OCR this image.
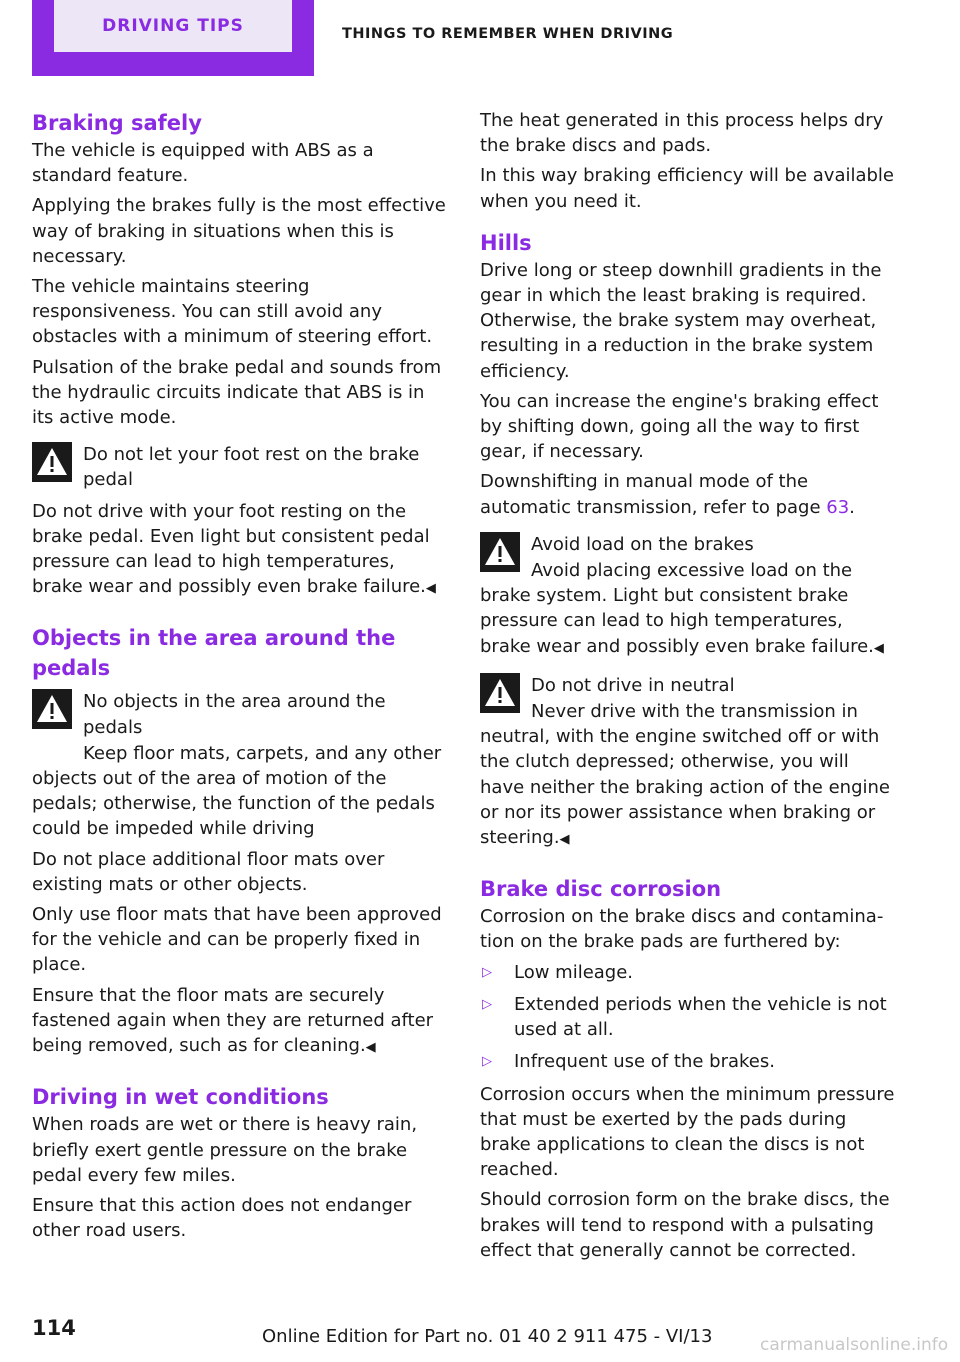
DRIVING TIPS	THINGS TO REMEMBER WHEN DRIVING
Braking safely

The vehicle is equipped with ABS as a standard feature.

Applying the brakes fully is the most effective way of braking in situations when this is necessary.

The vehicle maintains steering responsiveness. You can still avoid any obstacles with a minimum of steering effort.

Pulsation of the brake pedal and sounds from the hydraulic circuits indicate that ABS is in its active mode.

Do not let your foot rest on the brake pedal

Do not drive with your foot resting on the brake pedal. Even light but consistent pedal pressure can lead to high temperatures, brake wear and possibly even brake failure.◀

Objects in the area around the pedals
No objects in the area around the pedals

Keep floor mats, carpets, and any other objects out of the area of motion of the pedals; otherwise, the function of the pedals could be impeded while driving

Do not place additional floor mats over existing mats or other objects.

Only use floor mats that have been approved for the vehicle and can be properly fixed in place.

Ensure that the floor mats are securely fastened again when they are returned after being removed, such as for cleaning.◀

Driving in wet conditions

When roads are wet or there is heavy rain, briefly exert gentle pressure on the brake pedal every few miles.

Ensure that this action does not endanger other road users.

The heat generated in this process helps dry the brake discs and pads.

In this way braking efficiency will be available when you need it.

Hills

Drive long or steep downhill gradients in the gear in which the least braking is required. Otherwise, the brake system may overheat, resulting in a reduction in the brake system efficiency.

You can increase the engine's braking effect by shifting down, going all the way to first gear, if necessary.

Downshifting in manual mode of the automatic transmission, refer to page 63.

Avoid load on the brakes

Avoid placing excessive load on the brake system. Light but consistent brake pressure can lead to high temperatures, brake wear and possibly even brake failure.◀

Do not drive in neutral

Never drive with the transmission in neutral, with the engine switched off or with the clutch depressed; otherwise, you will have neither the braking action of the engine or nor its power assistance when braking or steering.◀

Brake disc corrosion

Corrosion on the brake discs and contamination on the brake pads are furthered by:

▷ Low mileage.
▷ Extended periods when the vehicle is not used at all.
▷ Infrequent use of the brakes.

Corrosion occurs when the minimum pressure that must be exerted by the pads during brake applications to clean the discs is not reached.

Should corrosion form on the brake discs, the brakes will tend to respond with a pulsating effect that generally cannot be corrected.

114	Online Edition for Part no. 01 40 2 911 475 - VI/13	carmanualsonline.info
